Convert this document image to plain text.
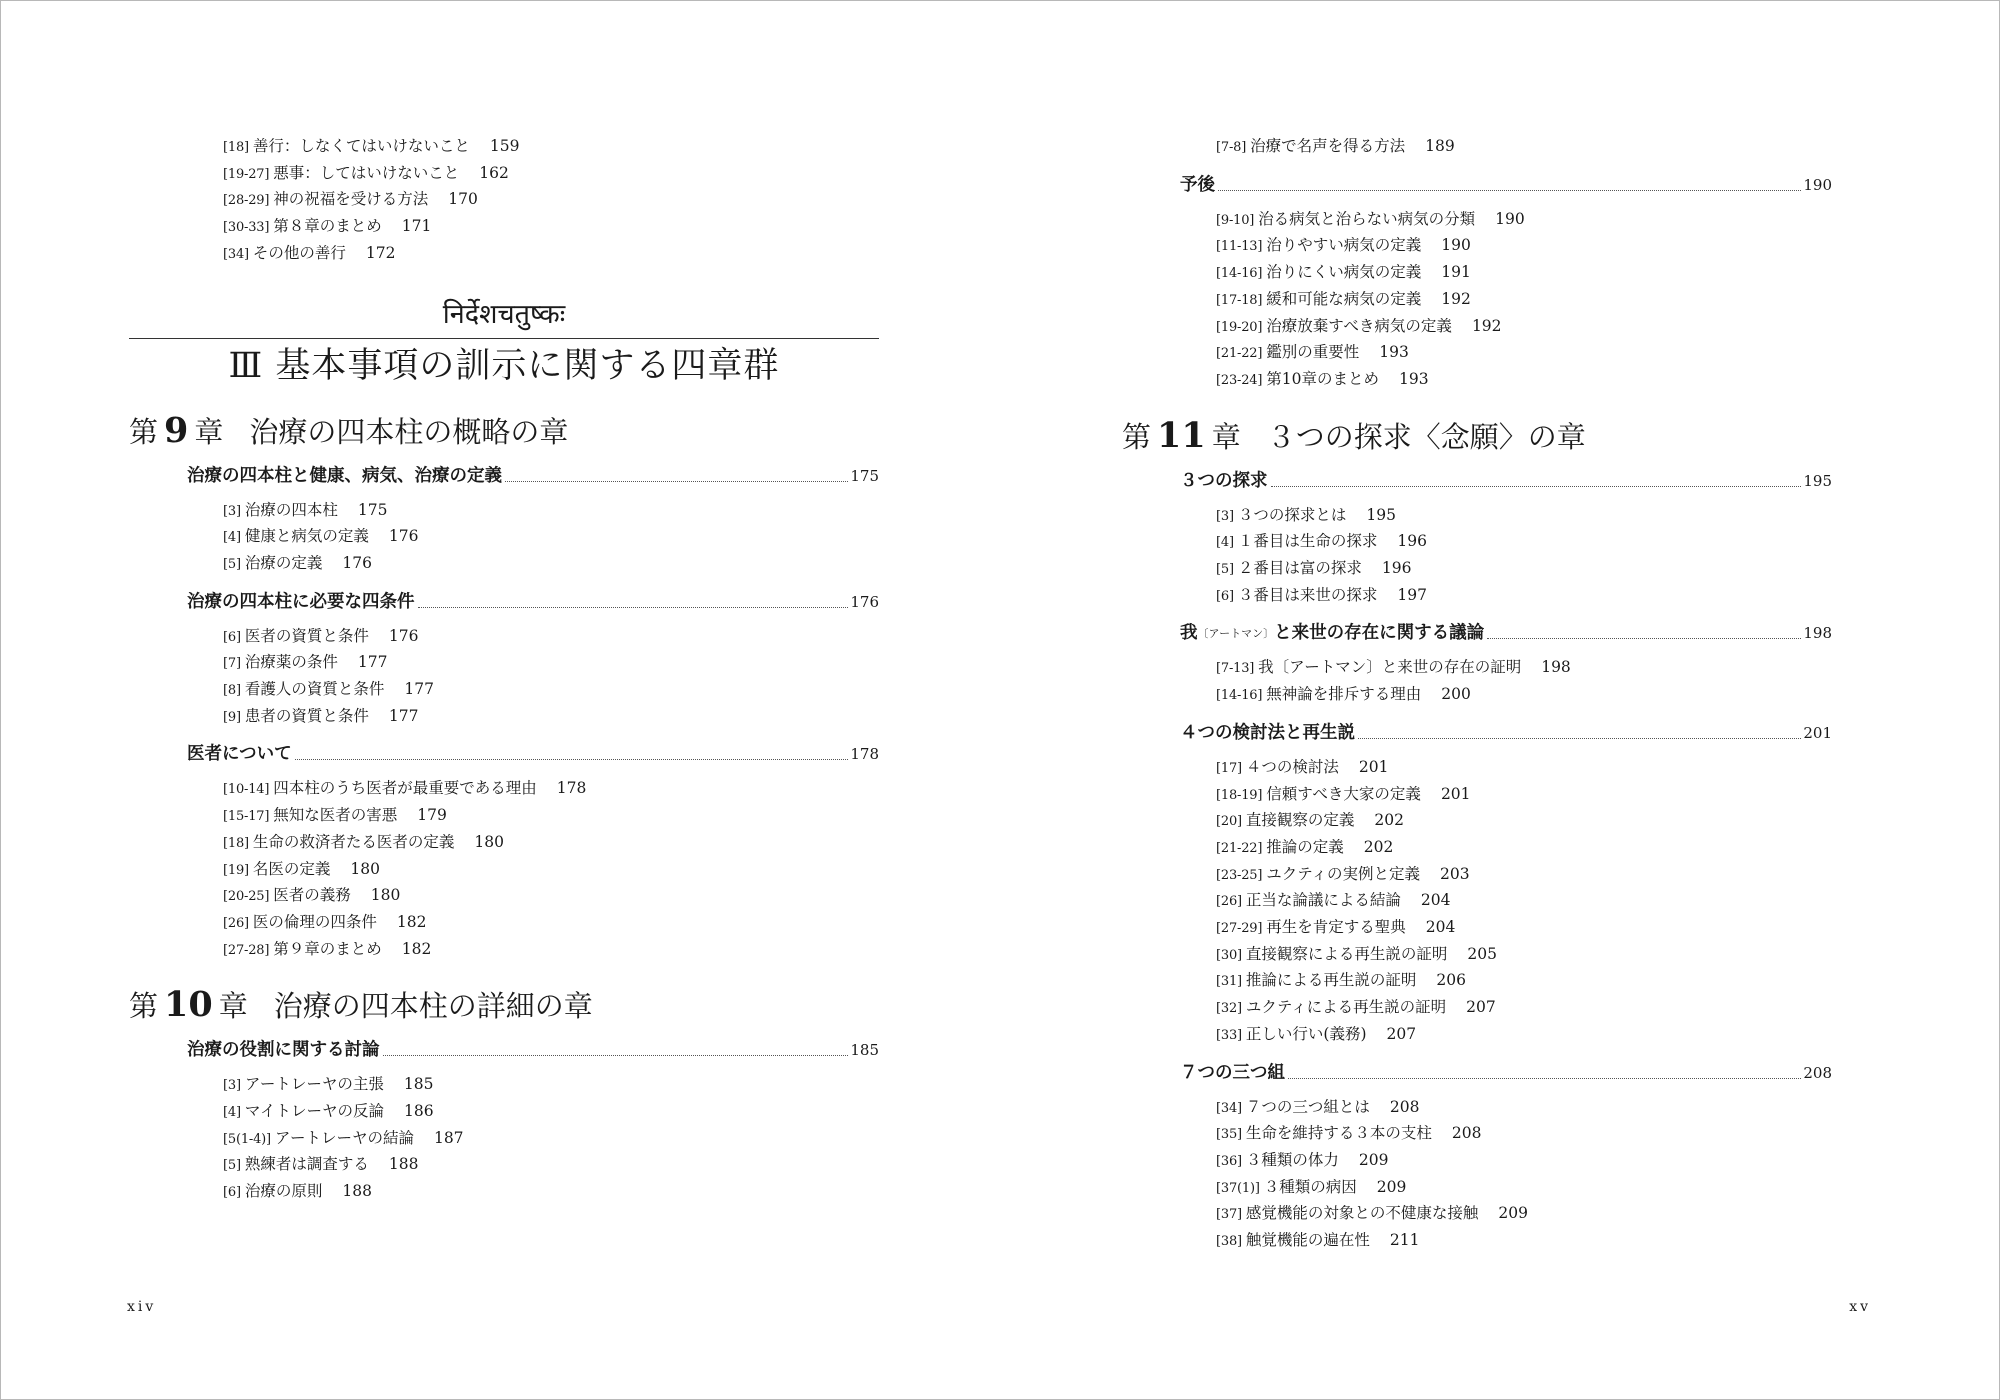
[18] 善行：しなくてはいけないこと 159
[19-27] 悪事：してはいけないこと 162
[28-29] 神の祝福を受ける方法 170
[30-33] 第８章のまとめ 171
[34] その他の善行 172
निर्देशचतुष्कः
Ⅲ 基本事項の訓示に関する四章群
第 9 章 治療の四本柱の概略の章
治療の四本柱と健康、病気、治療の定義	175
[3] 治療の四本柱 175
[4] 健康と病気の定義 176
[5] 治療の定義 176
治療の四本柱に必要な四条件	176
[6] 医者の資質と条件 176
[7] 治療薬の条件 177
[8] 看護人の資質と条件 177
[9] 患者の資質と条件 177
医者について	178
[10-14] 四本柱のうち医者が最重要である理由 178
[15-17] 無知な医者の害悪 179
[18] 生命の救済者たる医者の定義 180
[19] 名医の定義 180
[20-25] 医者の義務 180
[26] 医の倫理の四条件 182
[27-28] 第９章のまとめ 182
第 10 章 治療の四本柱の詳細の章
治療の役割に関する討論	185
[3] アートレーヤの主張 185
[4] マイトレーヤの反論 186
[5(1-4)] アートレーヤの結論 187
[5] 熟練者は調査する 188
[6] 治療の原則 188
xiv
[7-8] 治療で名声を得る方法 189
予後	190
[9-10] 治る病気と治らない病気の分類 190
[11-13] 治りやすい病気の定義 190
[14-16] 治りにくい病気の定義 191
[17-18] 緩和可能な病気の定義 192
[19-20] 治療放棄すべき病気の定義 192
[21-22] 鑑別の重要性 193
[23-24] 第10章のまとめ 193
第 11 章 ３つの探求〈念願〉の章
３つの探求	195
[3] ３つの探求とは 195
[4] １番目は生命の探求 196
[5] ２番目は富の探求 196
[6] ３番目は来世の探求 197
我 〔アートマン〕 と来世の存在に関する議論	198
[7-13] 我〔アートマン〕と来世の存在の証明 198
[14-16] 無神論を排斥する理由 200
４つの検討法と再生説	201
[17] ４つの検討法 201
[18-19] 信頼すべき大家の定義 201
[20] 直接観察の定義 202
[21-22] 推論の定義 202
[23-25] ユクティの実例と定義 203
[26] 正当な論議による結論 204
[27-29] 再生を肯定する聖典 204
[30] 直接観察による再生説の証明 205
[31] 推論による再生説の証明 206
[32] ユクティによる再生説の証明 207
[33] 正しい行い(義務) 207
７つの三つ組	208
[34] ７つの三つ組とは 208
[35] 生命を維持する３本の支柱 208
[36] ３種類の体力 209
[37(1)] ３種類の病因 209
[37] 感覚機能の対象との不健康な接触 209
[38] 触覚機能の遍在性 211
xv
